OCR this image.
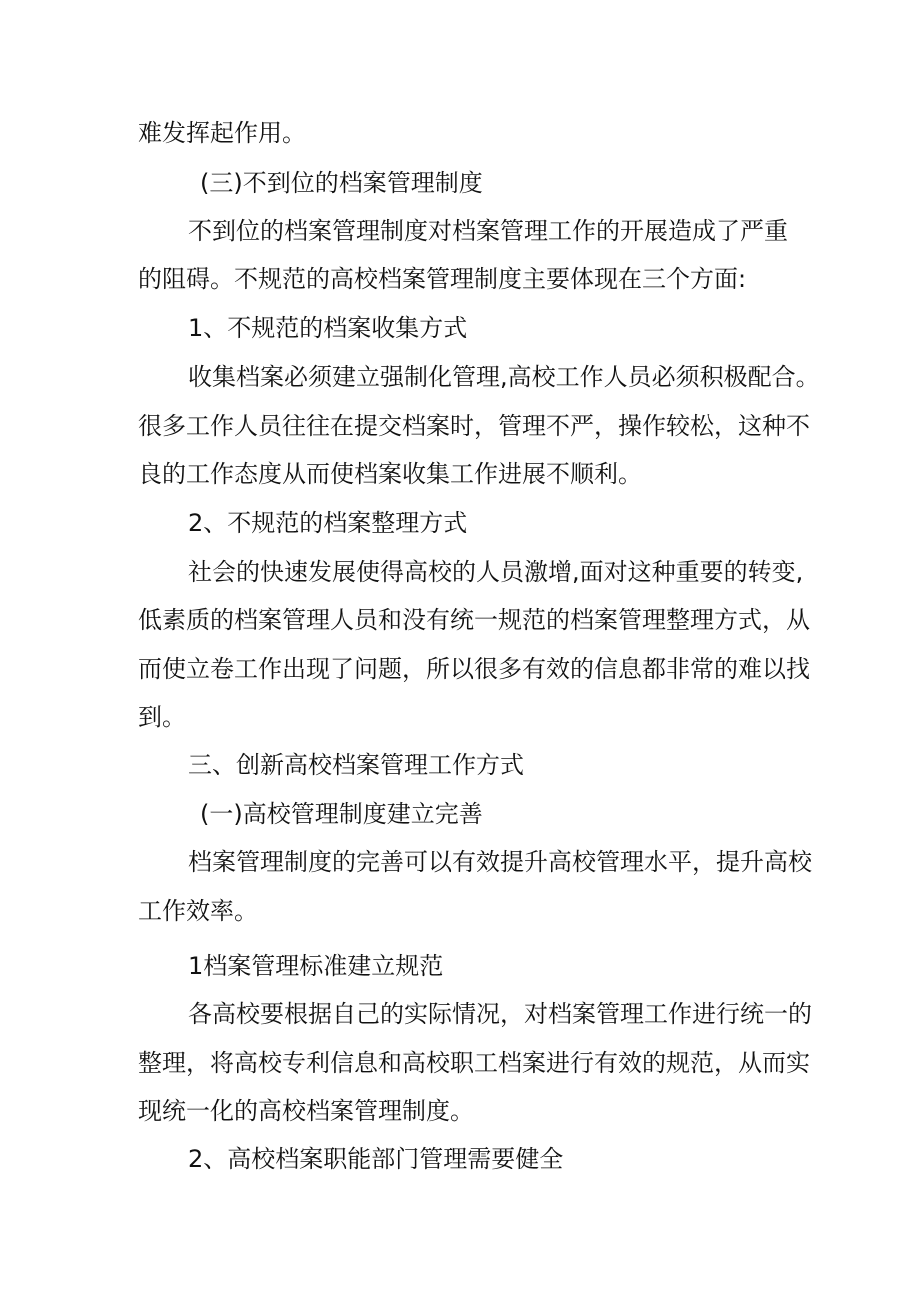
难发挥起作用。
(三)不到位的档案管理制度
不到位的档案管理制度对档案管理工作的开展造成了严重
的阻碍。不规范的高校档案管理制度主要体现在三个方面:
1、不规范的档案收集方式
收集档案必须建立强制化管理,高校工作人员必须积极配合。
很多工作人员往往在提交档案时，管理不严，操作较松，这种不
良的工作态度从而使档案收集工作进展不顺利。
2、不规范的档案整理方式
社会的快速发展使得高校的人员激增,面对这种重要的转变,
低素质的档案管理人员和没有统一规范的档案管理整理方式，从
而使立卷工作出现了问题，所以很多有效的信息都非常的难以找
到。
三、创新高校档案管理工作方式
(一)高校管理制度建立完善
档案管理制度的完善可以有效提升高校管理水平，提升高校
工作效率。
1档案管理标准建立规范
各高校要根据自己的实际情况，对档案管理工作进行统一的
整理，将高校专利信息和高校职工档案进行有效的规范，从而实
现统一化的高校档案管理制度。
2、高校档案职能部门管理需要健全
